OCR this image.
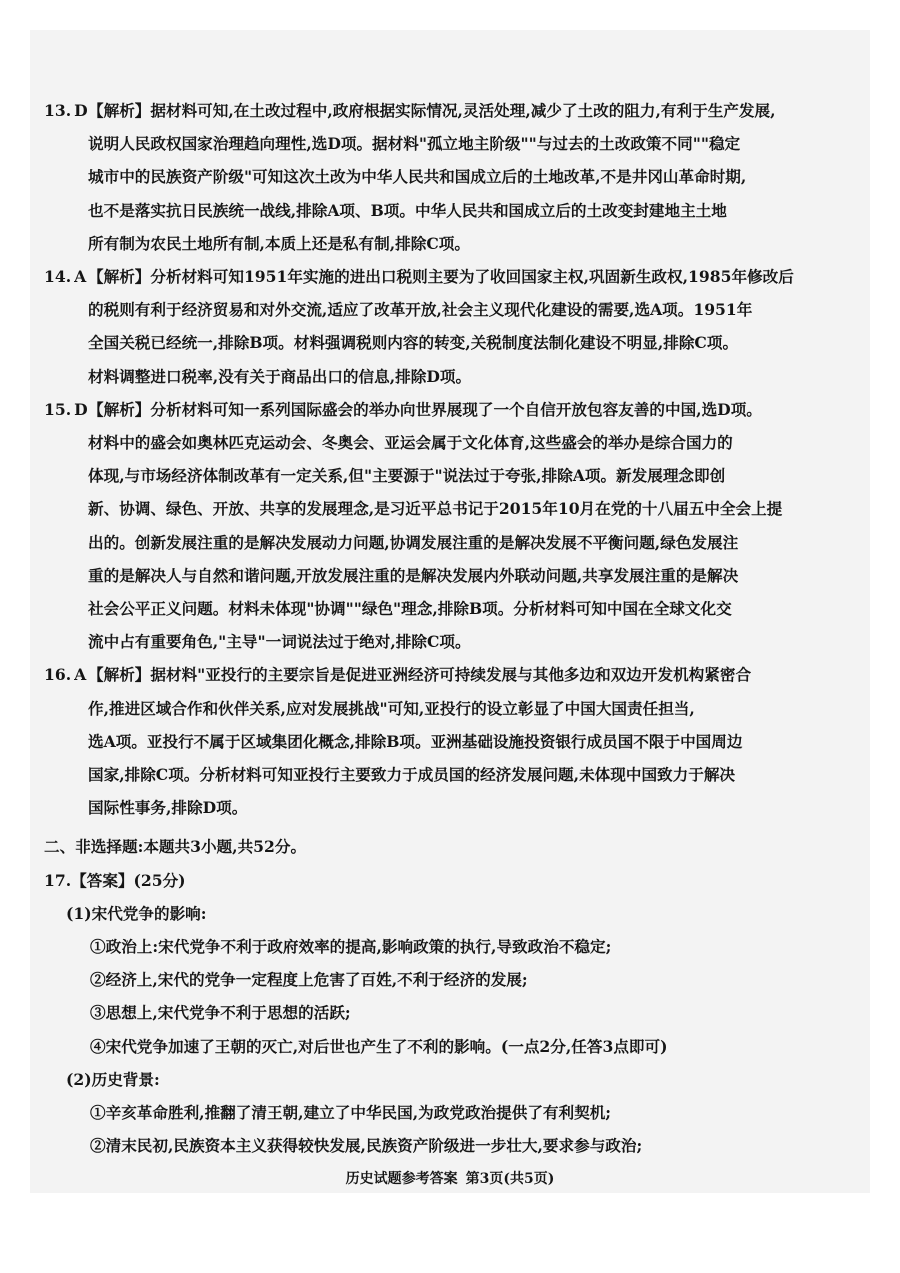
13. D 【解析】据材料可知,在土改过程中,政府根据实际情况,灵活处理,减少了土改的阻力,有利于生产发展,
说明人民政权国家治理趋向理性,选D项。据材料"孤立地主阶级""与过去的土改政策不同""稳定
城市中的民族资产阶级"可知这次土改为中华人民共和国成立后的土地改革,不是井冈山革命时期,
也不是落实抗日民族统一战线,排除A项、B项。中华人民共和国成立后的土改变封建地主土地
所有制为农民土地所有制,本质上还是私有制,排除C项。
14. A 【解析】分析材料可知1951年实施的进出口税则主要为了收回国家主权,巩固新生政权,1985年修改后
的税则有利于经济贸易和对外交流,适应了改革开放,社会主义现代化建设的需要,选A项。1951年
全国关税已经统一,排除B项。材料强调税则内容的转变,关税制度法制化建设不明显,排除C项。
材料调整进口税率,没有关于商品出口的信息,排除D项。
15. D 【解析】分析材料可知一系列国际盛会的举办向世界展现了一个自信开放包容友善的中国,选D项。
材料中的盛会如奥林匹克运动会、冬奥会、亚运会属于文化体育,这些盛会的举办是综合国力的
体现,与市场经济体制改革有一定关系,但"主要源于"说法过于夸张,排除A项。新发展理念即创
新、协调、绿色、开放、共享的发展理念,是习近平总书记于2015年10月在党的十八届五中全会上提
出的。创新发展注重的是解决发展动力问题,协调发展注重的是解决发展不平衡问题,绿色发展注
重的是解决人与自然和谐问题,开放发展注重的是解决发展内外联动问题,共享发展注重的是解决
社会公平正义问题。材料未体现"协调""绿色"理念,排除B项。分析材料可知中国在全球文化交
流中占有重要角色,"主导"一词说法过于绝对,排除C项。
16. A 【解析】据材料"亚投行的主要宗旨是促进亚洲经济可持续发展与其他多边和双边开发机构紧密合
作,推进区域合作和伙伴关系,应对发展挑战"可知,亚投行的设立彰显了中国大国责任担当,
选A项。亚投行不属于区域集团化概念,排除B项。亚洲基础设施投资银行成员国不限于中国周边
国家,排除C项。分析材料可知亚投行主要致力于成员国的经济发展问题,未体现中国致力于解决
国际性事务,排除D项。
二、非选择题:本题共3小题,共52分。
17.【答案】(25分)
(1)宋代党争的影响:
①政治上:宋代党争不利于政府效率的提高,影响政策的执行,导致政治不稳定;
②经济上,宋代的党争一定程度上危害了百姓,不利于经济的发展;
③思想上,宋代党争不利于思想的活跃;
④宋代党争加速了王朝的灭亡,对后世也产生了不利的影响。(一点2分,任答3点即可)
(2)历史背景:
①辛亥革命胜利,推翻了清王朝,建立了中华民国,为政党政治提供了有利契机;
②清末民初,民族资本主义获得较快发展,民族资产阶级进一步壮大,要求参与政治;
历史试题参考答案 第3页(共5页)
